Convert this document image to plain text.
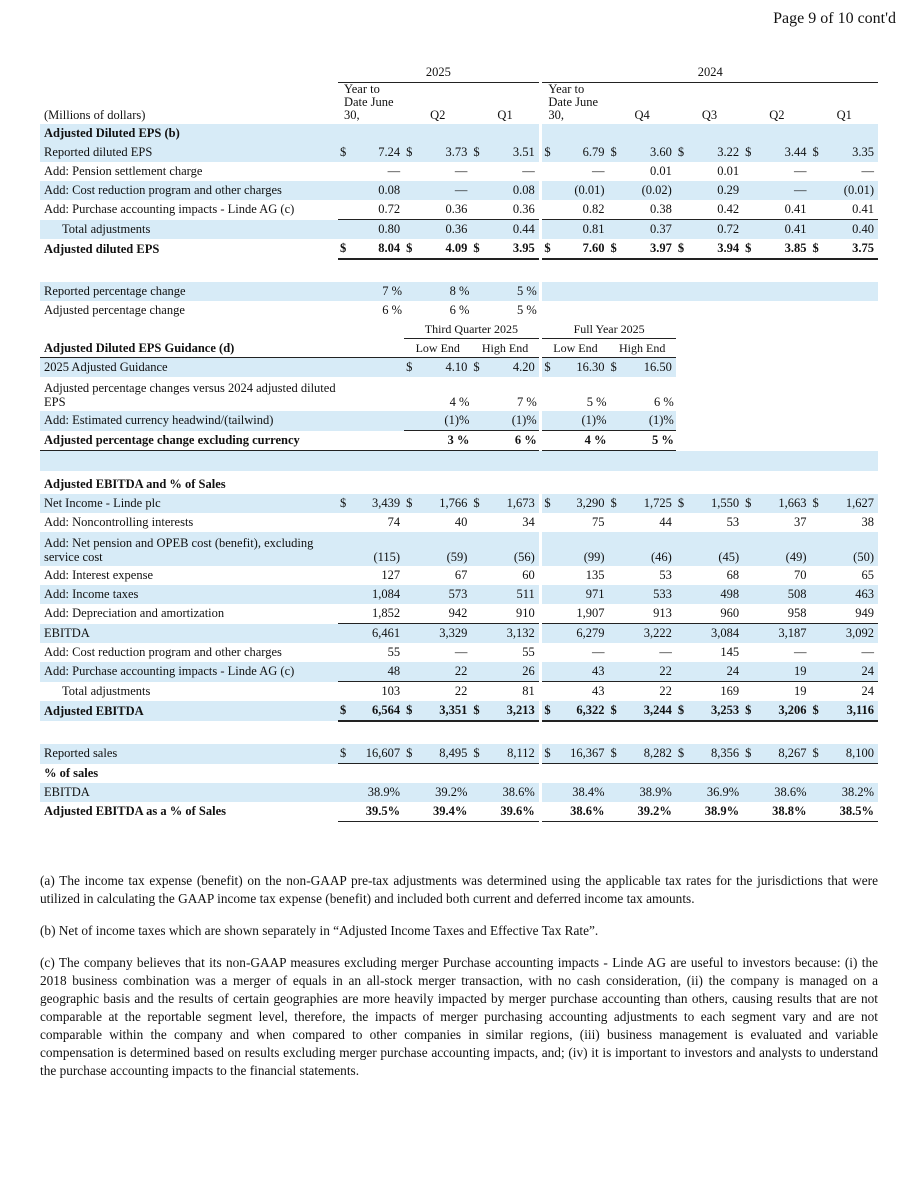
Page 9 of 10 cont'd
	2025							2024									
(Millions of dollars)	Year to Date June 30,		Q2		Q1			Year to Date June 30,		Q4		Q3		Q2		Q1	
Adjusted Diluted EPS (b)																	
Reported diluted EPS	$	7.24	$	3.73	$	3.51		$	6.79	$	3.60	$	3.22	$	3.44	$	3.35
Add: Pension settlement charge		—		—		—			—		0.01		0.01		—		—
Add: Cost reduction program and other charges		0.08		—		0.08			(0.01)		(0.02)		0.29		—		(0.01)
Add: Purchase accounting impacts - Linde AG (c)		0.72		0.36		0.36			0.82		0.38		0.42		0.41		0.41
Total adjustments		0.80		0.36		0.44			0.81		0.37		0.72		0.41		0.40
Adjusted diluted EPS	$	8.04	$	4.09	$	3.95		$	7.60	$	3.97	$	3.94	$	3.85	$	3.75

Reported percentage change	7 %		8 %		5 %												
Adjusted percentage change	6 %		6 %		5 %												
			Third Quarter 2025					Full Year 2025									
Adjusted Diluted EPS Guidance (d)			Low End		High End			Low End		High End							
2025 Adjusted Guidance			$	4.10	$	4.20		$	16.30	$	16.50						
Adjusted percentage changes versus 2024 adjusted diluted EPS			4 %		7 %			5 %		6 %							
Add: Estimated currency headwind/(tailwind)			(1)%		(1)%			(1)%		(1)%							
Adjusted percentage change excluding currency			3 %		6 %			4 %		5 %							

Adjusted EBITDA and % of Sales																	
Net Income - Linde plc	$	3,439	$	1,766	$	1,673		$	3,290	$	1,725	$	1,550	$	1,663	$	1,627
Add: Noncontrolling interests		74		40		34			75		44		53		37		38
Add: Net pension and OPEB cost (benefit), excluding service cost		(115)		(59)		(56)			(99)		(46)		(45)		(49)		(50)
Add: Interest expense		127		67		60			135		53		68		70		65
Add: Income taxes		1,084		573		511			971		533		498		508		463
Add: Depreciation and amortization		1,852		942		910			1,907		913		960		958		949
EBITDA		6,461		3,329		3,132			6,279		3,222		3,084		3,187		3,092
Add: Cost reduction program and other charges		55		—		55			—		—		145		—		—
Add: Purchase accounting impacts - Linde AG (c)		48		22		26			43		22		24		19		24
Total adjustments		103		22		81			43		22		169		19		24
Adjusted EBITDA	$	6,564	$	3,351	$	3,213		$	6,322	$	3,244	$	3,253	$	3,206	$	3,116

Reported sales	$	16,607	$	8,495	$	8,112		$	16,367	$	8,282	$	8,356	$	8,267	$	8,100
% of sales																	
EBITDA		38.9%		39.2%		38.6%			38.4%		38.9%		36.9%		38.6%		38.2%
Adjusted EBITDA as a % of Sales		39.5%		39.4%		39.6%			38.6%		39.2%		38.9%		38.8%		38.5%

(a) The income tax expense (benefit) on the non-GAAP pre-tax adjustments was determined using the applicable tax rates for the jurisdictions that were utilized in calculating the GAAP income tax expense (benefit) and included both current and deferred income tax amounts.

(b) Net of income taxes which are shown separately in “Adjusted Income Taxes and Effective Tax Rate”.

(c) The company believes that its non-GAAP measures excluding merger Purchase accounting impacts - Linde AG are useful to investors because: (i) the 2018 business combination was a merger of equals in an all-stock merger transaction, with no cash consideration, (ii) the company is managed on a geographic basis and the results of certain geographies are more heavily impacted by merger purchase accounting than others, causing results that are not comparable at the reportable segment level, therefore, the impacts of merger purchasing accounting adjustments to each segment vary and are not comparable within the company and when compared to other companies in similar regions, (iii) business management is evaluated and variable compensation is determined based on results excluding merger purchase accounting impacts, and; (iv) it is important to investors and analysts to understand the purchase accounting impacts to the financial statements.
